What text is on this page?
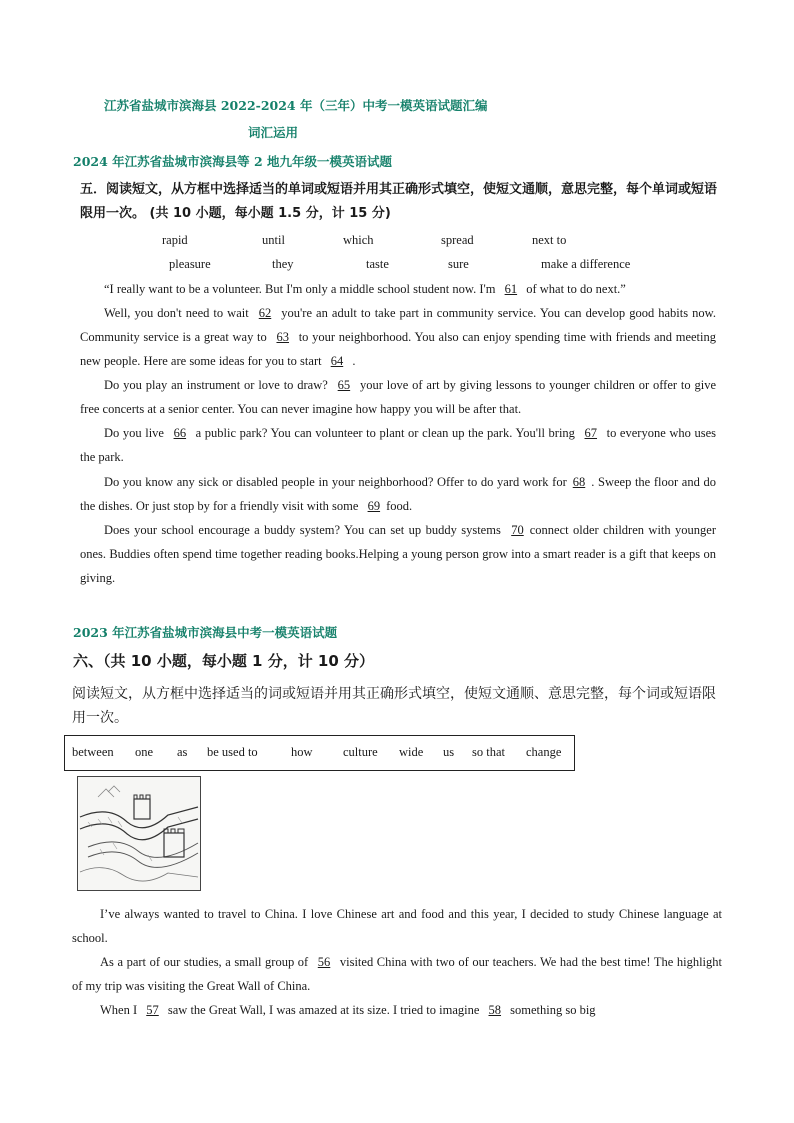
江苏省盐城市滨海县 2022-2024 年（三年）中考一模英语试题汇编
词汇运用
2024 年江苏省盐城市滨海县等 2 地九年级一模英语试题
五．阅读短文，从方框中选择适当的单词或短语并用其正确形式填空，使短文通顺，意思完整，每个单词或短语限用一次。 (共 10 小题，每小题 1.5 分，计 15 分)
rapid	until	which	spread	next to
pleasure	they	taste	sure	make a difference
“I really want to be a volunteer. But I'm only a middle school student now. I'm 61 of what to do next.”
Well, you don't need to wait 62 you're an adult to take part in community service. You can develop good habits now. Community service is a great way to 63 to your neighborhood. You also can enjoy spending time with friends and meeting new people. Here are some ideas for you to start 64 .
Do you play an instrument or love to draw? 65 your love of art by giving lessons to younger children or offer to give free concerts at a senior center. You can never imagine how happy you will be after that.
Do you live 66 a public park? You can volunteer to plant or clean up the park. You'll bring 67 to everyone who uses the park.
Do you know any sick or disabled people in your neighborhood? Offer to do yard work for 68 . Sweep the floor and do the dishes. Or just stop by for a friendly visit with some 69 food.
Does your school encourage a buddy system? You can set up buddy systems 70 connect older children with younger ones. Buddies often spend time together reading books.Helping a young person grow into a smart reader is a gift that keeps on giving.
2023 年江苏省盐城市滨海县中考一模英语试题
六、（共 10 小题，每小题 1 分，计 10 分）
阅读短文，从方框中选择适当的词或短语并用其正确形式填空，使短文通顺、意思完整，每个词或短语限用一次。
between one as be used to	how culture wide us so that change
I’ve always wanted to travel to China. I love Chinese art and food and this year, I decided to study Chinese language at school.
As a part of our studies, a small group of 56 visited China with two of our teachers. We had the best time! The highlight of my trip was visiting the Great Wall of China.
When I 57 saw the Great Wall, I was amazed at its size. I tried to imagine 58 something so big
